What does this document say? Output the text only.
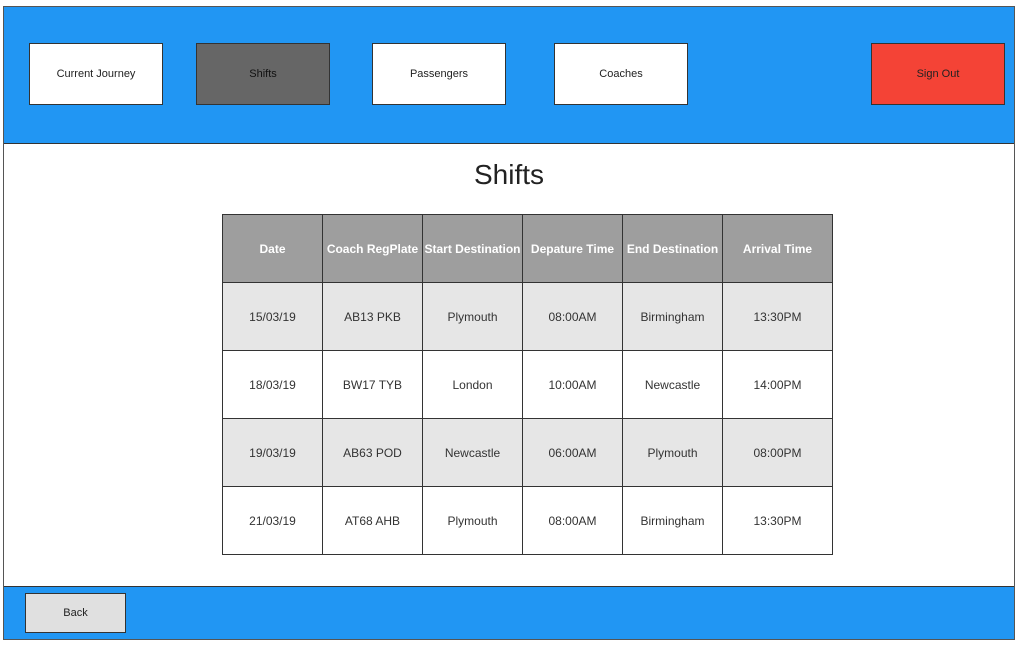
Current Journey	Shifts	Passengers	Coaches	Sign Out
Shifts
Date	Coach RegPlate	Start Destination	Depature Time	End Destination	Arrival Time
15/03/19	AB13 PKB	Plymouth	08:00AM	Birmingham	13:30PM
18/03/19	BW17 TYB	London	10:00AM	Newcastle	14:00PM
19/03/19	AB63 POD	Newcastle	06:00AM	Plymouth	08:00PM
21/03/19	AT68 AHB	Plymouth	08:00AM	Birmingham	13:30PM
Back
